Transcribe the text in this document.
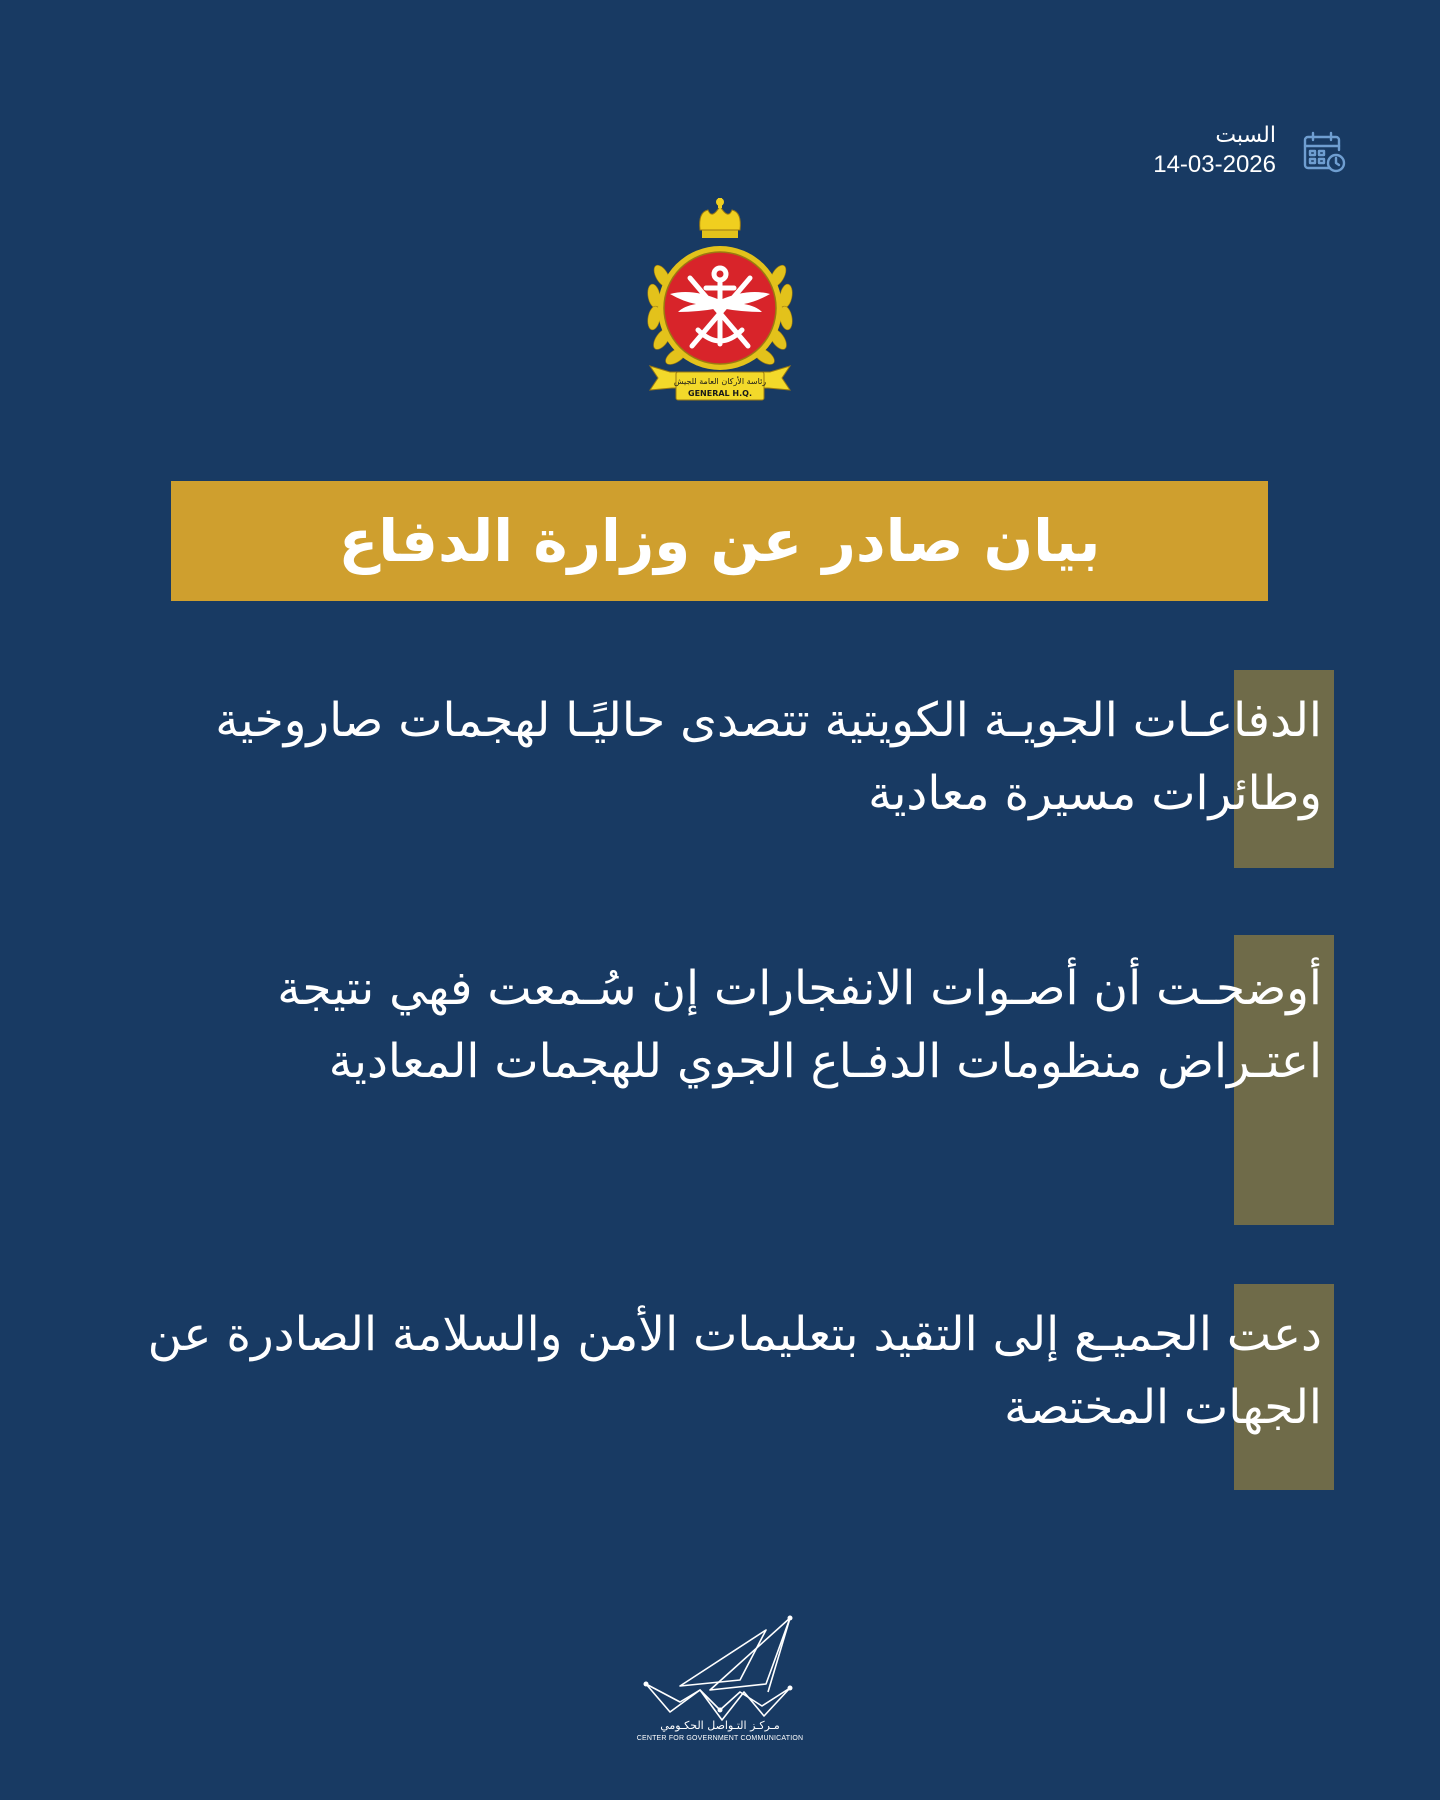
السبت
14-03-2026
رئاسة الأركان العامة للجيش
GENERAL H.Q.
بيان صادر عن وزارة الدفاع
الدفاعـات الجويـة الكويتية تتصدى حاليًـا لهجمات صاروخية وطائرات مسيرة معادية
أوضحـت أن أصـوات الانفجارات إن سُـمعت فهي نتيجة اعتـراض منظومات الدفـاع الجوي للهجمات المعادية
دعت الجميـع إلى التقيد بتعليمات الأمن والسلامة الصادرة عن الجهات المختصة
مـركـز التـواصل الحكـومي
CENTER FOR GOVERNMENT COMMUNICATION
